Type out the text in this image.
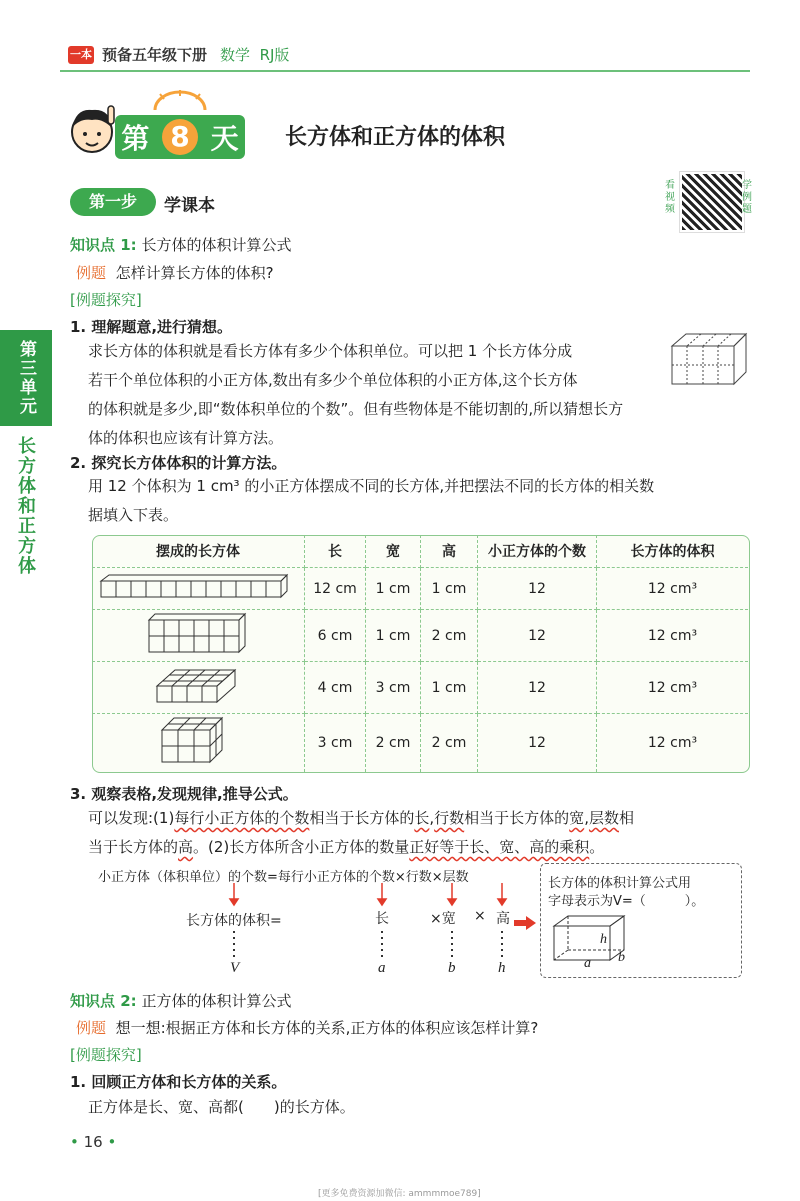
一本 预备五年级下册 数学 RJ版
第 8 天 长方体和正方体的体积
第一步	学课本
看视频
学例题
第三单元
长方体和正方体
知识点 1: 长方体的体积计算公式
例题 怎样计算长方体的体积?
[例题探究]
1. 理解题意,进行猜想。
求长方体的体积就是看长方体有多少个体积单位。可以把 1 个长方体分成
若干个单位体积的小正方体,数出有多少个单位体积的小正方体,这个长方体
的体积就是多少,即“数体积单位的个数”。但有些物体是不能切割的,所以猜想长方
体的体积也应该有计算方法。
2. 探究长方体体积的计算方法。
用 12 个体积为 1 cm³ 的小正方体摆成不同的长方体,并把摆法不同的长方体的相关数
据填入下表。
摆成的长方体	长	宽	高	小正方体的个数	长方体的体积
	12 cm	1 cm	1 cm	12	12 cm³
	6 cm	1 cm	2 cm	12	12 cm³
	4 cm	3 cm	1 cm	12	12 cm³
	3 cm	2 cm	2 cm	12	12 cm³
3. 观察表格,发现规律,推导公式。
可以发现:(1)每行小正方体的个数相当于长方体的长,行数相当于长方体的宽,层数相
当于长方体的高。(2)长方体所含小正方体的数量正好等于长、宽、高的乘积。
小正方体（体积单位）的个数=每行小正方体的个数×行数×层数
长方体的体积=	长	×宽 × 高
V	a	b	h
长方体的体积计算公式用
字母表示为V=（　　　）。
h
a b
知识点 2: 正方体的体积计算公式
例题 想一想:根据正方体和长方体的关系,正方体的体积应该怎样计算?
[例题探究]
1. 回顾正方体和长方体的关系。
正方体是长、宽、高都(　　)的长方体。
• 16 •
[更多免费资源加微信: ammmmoe789]
